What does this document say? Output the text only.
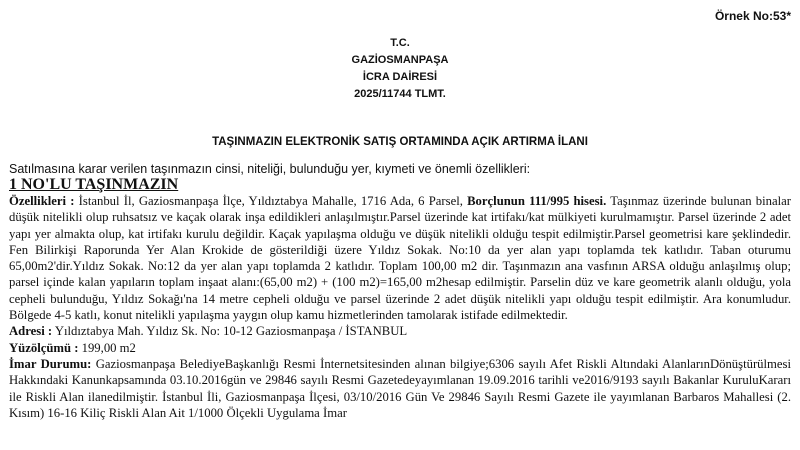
Örnek No:53*
T.C.
GAZİOSMANPAŞA
İCRA DAİRESİ
2025/11744 TLMT.
TAŞINMAZIN ELEKTRONİK SATIŞ ORTAMINDA AÇIK ARTIRMA İLANI
Satılmasına karar verilen taşınmazın cinsi, niteliği, bulunduğu yer, kıymeti ve önemli özellikleri:
1 NO'LU TAŞINMAZIN

Özellikleri : İstanbul İl, Gaziosmanpaşa İlçe, Yıldıztabya Mahalle, 1716 Ada, 6 Parsel, Borçlunun 111/995 hisesi. Taşınmaz üzerinde bulunan binalar düşük nitelikli olup ruhsatsız ve kaçak olarak inşa edildikleri anlaşılmıştır.Parsel üzerinde kat irtifakı/kat mülkiyeti kurulmamıştır. Parsel üzerinde 2 adet yapı yer almakta olup, kat irtifakı kurulu değildir. Kaçak yapılaşma olduğu ve düşük nitelikli olduğu tespit edilmiştir.Parsel geometrisi kare şeklindedir. Fen Bilirkişi Raporunda Yer Alan Krokide de gösterildiği üzere Yıldız Sokak. No:10 da yer alan yapı toplamda tek katlıdır. Taban oturumu 65,00m2'dir.Yıldız Sokak. No:12 da yer alan yapı toplamda 2 katlıdır. Toplam 100,00 m2 dir. Taşınmazın ana vasfının ARSA olduğu anlaşılmış olup; parsel içinde kalan yapıların toplam inşaat alanı:(65,00 m2) + (100 m2)=165,00 m2hesap edilmiştir. Parselin düz ve kare geometrik alanlı olduğu, yola cepheli bulunduğu, Yıldız Sokağı'na 14 metre cepheli olduğu ve parsel üzerinde 2 adet düşük nitelikli yapı olduğu tespit edilmiştir. Ara konumludur. Bölgede 4-5 katlı, konut nitelikli yapılaşma yaygın olup kamu hizmetlerinden tamolarak istifade edilmektedir.

Adresi : Yıldıztabya Mah. Yıldız Sk. No: 10-12 Gaziosmanpaşa / İSTANBUL

Yüzölçümü : 199,00 m2

İmar Durumu: Gaziosmanpaşa BelediyeBaşkanlığı Resmi İnternetsitesinden alınan bilgiye;6306 sayılı Afet Riskli Altındaki AlanlarınDönüştürülmesi Hakkındaki Kanunkapsamında 03.10.2016gün ve 29846 sayılı Resmi Gazetedeyayımlanan 19.09.2016 tarihli ve2016/9193 sayılı Bakanlar KuruluKararı ile Riskli Alan ilanedilmiştir. İstanbul İli, Gaziosmanpaşa İlçesi, 03/10/2016 Gün Ve 29846 Sayılı Resmi Gazete ile yayımlanan Barbaros Mahallesi (2. Kısım) 16-16 Kiliç Riskli Alan Ait 1/1000 Ölçekli Uygulama İmar
